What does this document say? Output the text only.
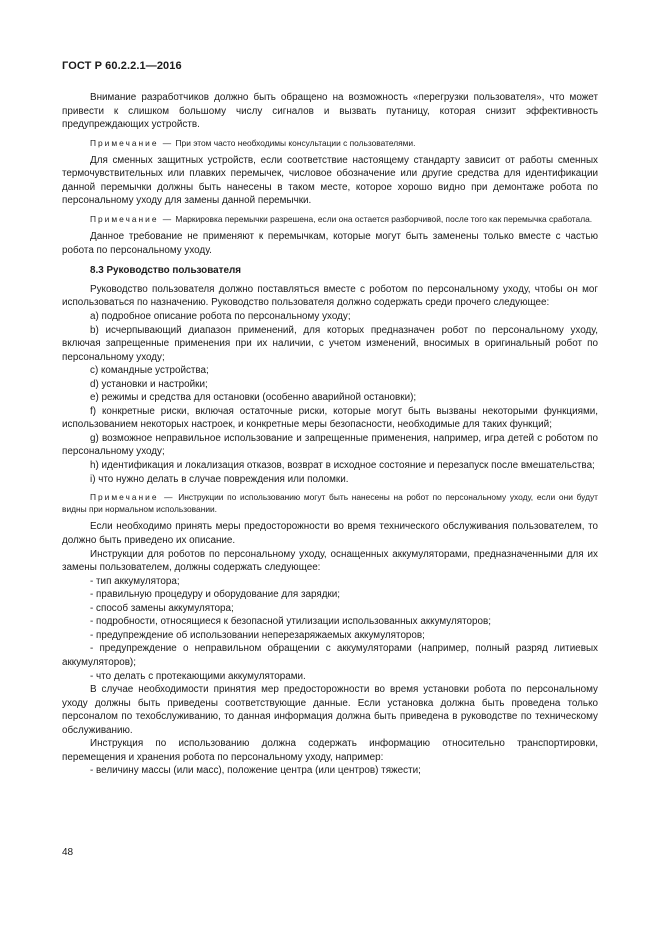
ГОСТ Р 60.2.2.1—2016

Внимание разработчиков должно быть обращено на возможность «перегрузки пользователя», что может привести к слишком большому числу сигналов и вызвать путаницу, которая снизит эффективность предупреждающих устройств.

Примечание — При этом часто необходимы консультации с пользователями.

Для сменных защитных устройств, если соответствие настоящему стандарту зависит от работы сменных термочувствительных или плавких перемычек, числовое обозначение или другие средства для идентификации данной перемычки должны быть нанесены в таком месте, которое хорошо видно при демонтаже робота по персональному уходу для замены данной перемычки.

Примечание — Маркировка перемычки разрешена, если она остается разборчивой, после того как перемычка сработала.

Данное требование не применяют к перемычкам, которые могут быть заменены только вместе с частью робота по персональному уходу.

8.3 Руководство пользователя

Руководство пользователя должно поставляться вместе с роботом по персональному уходу, чтобы он мог использоваться по назначению. Руководство пользователя должно содержать среди прочего следующее:

а) подробное описание робота по персональному уходу;

b) исчерпывающий диапазон применений, для которых предназначен робот по персональному уходу, включая запрещенные применения при их наличии, с учетом изменений, вносимых в оригинальный робот по персональному уходу;

c) командные устройства;

d) установки и настройки;

e) режимы и средства для остановки (особенно аварийной остановки);

f) конкретные риски, включая остаточные риски, которые могут быть вызваны некоторыми функциями, использованием некоторых настроек, и конкретные меры безопасности, необходимые для таких функций;

g) возможное неправильное использование и запрещенные применения, например, игра детей с роботом по персональному уходу;

h) идентификация и локализация отказов, возврат в исходное состояние и перезапуск после вмешательства;

i) что нужно делать в случае повреждения или поломки.

Примечание — Инструкции по использованию могут быть нанесены на робот по персональному уходу, если они будут видны при нормальном использовании.

Если необходимо принять меры предосторожности во время технического обслуживания пользователем, то должно быть приведено их описание.

Инструкции для роботов по персональному уходу, оснащенных аккумуляторами, предназначенными для их замены пользователем, должны содержать следующее:

- тип аккумулятора;

- правильную процедуру и оборудование для зарядки;

- способ замены аккумулятора;

- подробности, относящиеся к безопасной утилизации использованных аккумуляторов;

- предупреждение об использовании неперезаряжаемых аккумуляторов;

- предупреждение о неправильном обращении с аккумуляторами (например, полный разряд литиевых аккумуляторов);

- что делать с протекающими аккумуляторами.

В случае необходимости принятия мер предосторожности во время установки робота по персональному уходу должны быть приведены соответствующие данные. Если установка должна быть проведена только персоналом по техобслуживанию, то данная информация должна быть приведена в руководстве по техническому обслуживанию.

Инструкция по использованию должна содержать информацию относительно транспортировки, перемещения и хранения робота по персональному уходу, например:

- величину массы (или масс), положение центра (или центров) тяжести;

48
